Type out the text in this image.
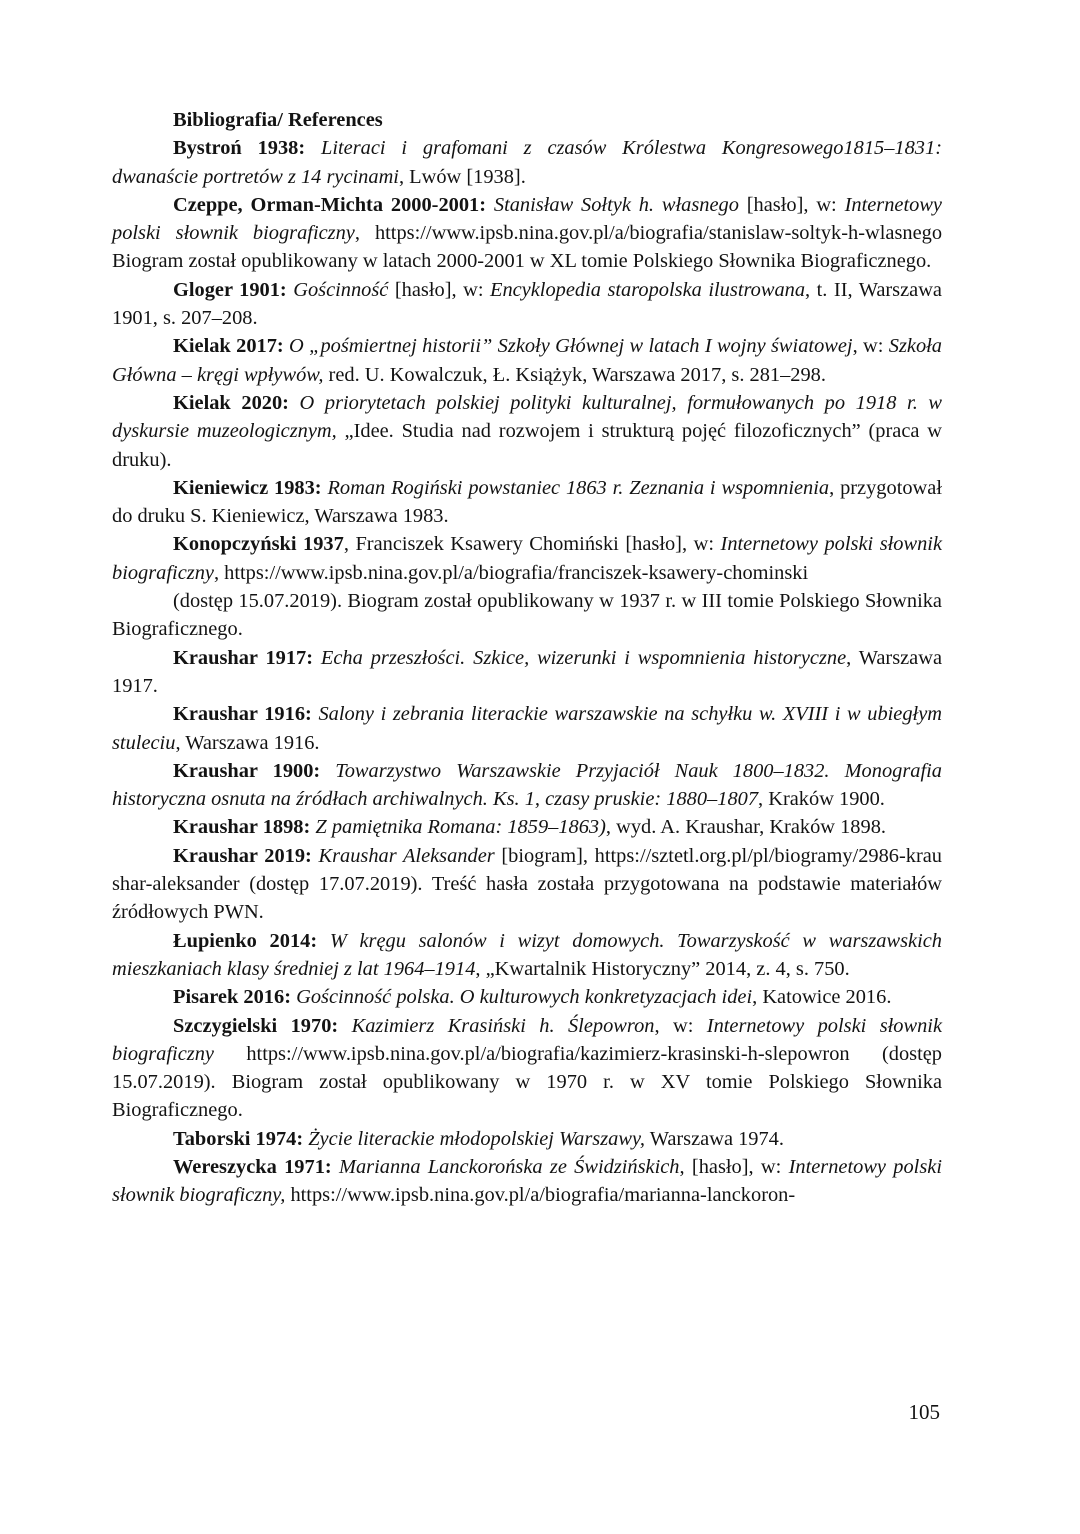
Bibliografia/ References

Bystroń 1938: Literaci i grafomani z czasów Królestwa Kongresowego1815–1831: dwanaście portretów z 14 rycinami, Lwów [1938].

Czeppe, Orman-Michta 2000-2001: Stanisław Sołtyk h. własnego [hasło], w: Internetowy polski słownik biograficzny, https://www.ipsb.nina.gov.pl/a/biografia/stanislaw-soltyk-h-wlasnego Biogram został opublikowany w latach 2000-2001 w XL tomie Polskiego Słownika Biograficznego.

Gloger 1901: Gościnność [hasło], w: Encyklopedia staropolska ilustrowana, t. II, Warszawa 1901, s. 207–208.

Kielak 2017: O „pośmiertnej historii” Szkoły Głównej w latach I wojny światowej, w: Szkoła Główna – kręgi wpływów, red. U. Kowalczuk, Ł. Książyk, Warszawa 2017, s. 281–298.

Kielak 2020: O priorytetach polskiej polityki kulturalnej, formułowanych po 1918 r. w dyskursie muzeologicznym, „Idee. Studia nad rozwojem i strukturą pojęć filozoficznych” (praca w druku).

Kieniewicz 1983: Roman Rogiński powstaniec 1863 r. Zeznania i wspomnienia, przygotował do druku S. Kieniewicz, Warszawa 1983.

Konopczyński 1937, Franciszek Ksawery Chomiński [hasło], w: Internetowy polski słownik biograficzny, https://www.ipsb.nina.gov.pl/a/biografia/franciszek-ksawery-chominski

(dostęp 15.07.2019). Biogram został opublikowany w 1937 r. w III tomie Polskiego Słownika Biograficznego.

Kraushar 1917: Echa przeszłości. Szkice, wizerunki i wspomnienia historyczne, Warszawa 1917.

Kraushar 1916: Salony i zebrania literackie warszawskie na schyłku w. XVIII i w ubiegłym stuleciu, Warszawa 1916.

Kraushar 1900: Towarzystwo Warszawskie Przyjaciół Nauk 1800–1832. Monografia historyczna osnuta na źródłach archiwalnych. Ks. 1, czasy pruskie: 1880–1807, Kraków 1900.

Kraushar 1898: Z pamiętnika Romana: 1859–1863), wyd. A. Kraushar, Kraków 1898.

Kraushar 2019: Kraushar Aleksander [biogram], https://sztetl.org.pl/pl/biogramy/2986-kraushar-aleksander (dostęp 17.07.2019). Treść hasła została przygotowana na podstawie materiałów źródłowych PWN.

Łupienko 2014: W kręgu salonów i wizyt domowych. Towarzyskość w warszawskich mieszkaniach klasy średniej z lat 1964–1914, „Kwartalnik Historyczny” 2014, z. 4, s. 750.

Pisarek 2016: Gościnność polska. O kulturowych konkretyzacjach idei, Katowice 2016.

Szczygielski 1970: Kazimierz Krasiński h. Ślepowron, w: Internetowy polski słownik biograficzny https://www.ipsb.nina.gov.pl/a/biografia/kazimierz-krasinski-h-slepowron (dostęp 15.07.2019). Biogram został opublikowany w 1970 r. w XV tomie Polskiego Słownika Biograficznego.

Taborski 1974: Życie literackie młodopolskiej Warszawy, Warszawa 1974.

Wereszycka 1971: Marianna Lanckorońska ze Świdzińskich, [hasło], w: Internetowy polski słownik biograficzny, https://www.ipsb.nina.gov.pl/a/biografia/marianna-lanckoron-

105
